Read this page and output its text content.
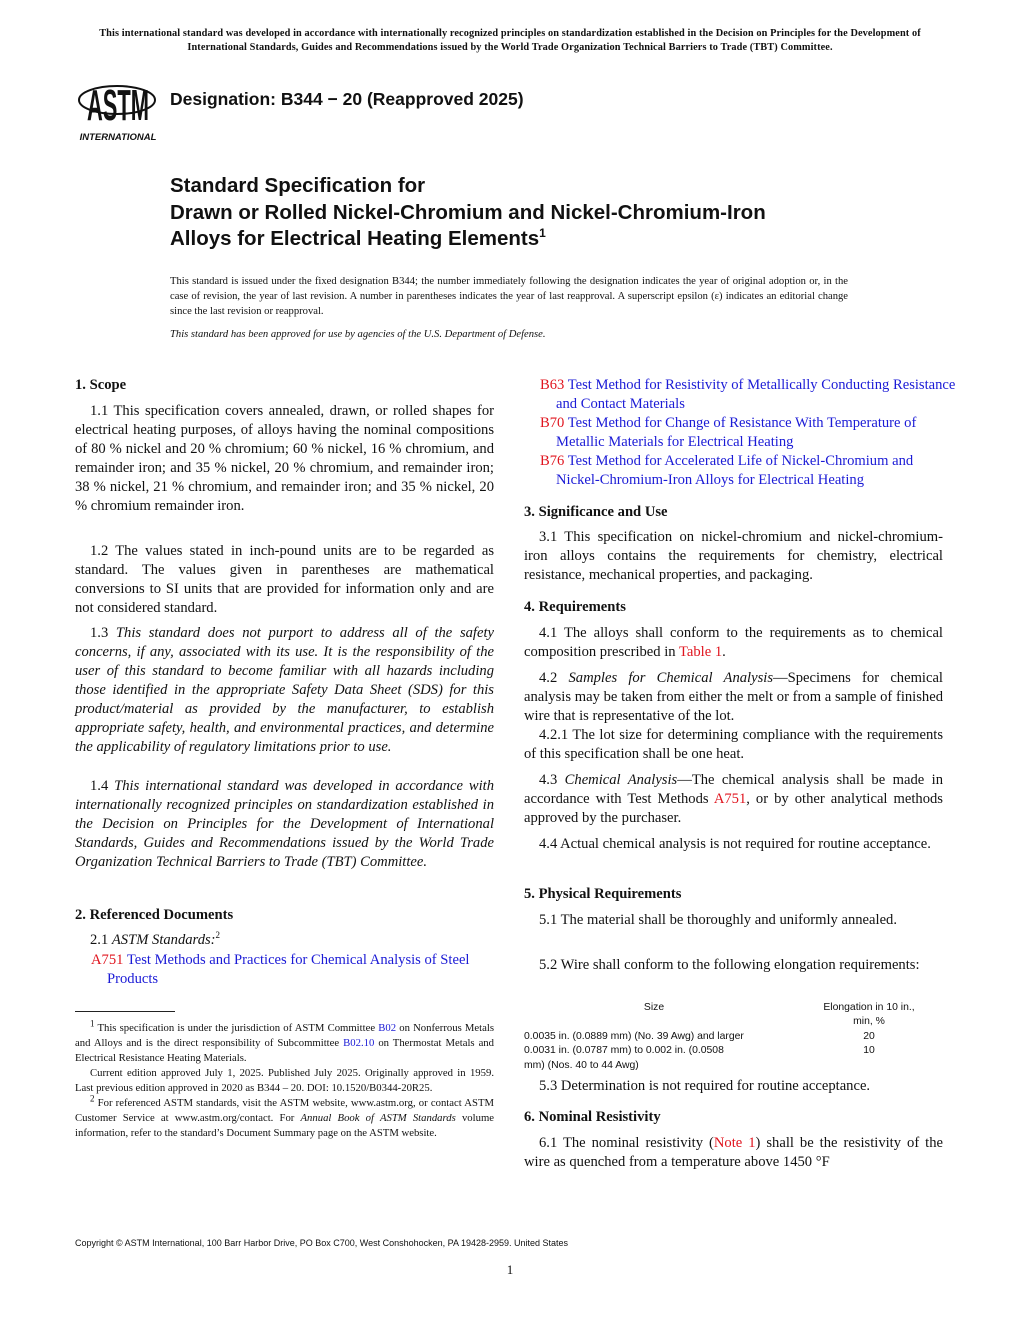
This international standard was developed in accordance with internationally recognized principles on standardization established in the Decision on Principles for the Development of International Standards, Guides and Recommendations issued by the World Trade Organization Technical Barriers to Trade (TBT) Committee.
ASTM
INTERNATIONAL
Designation: B344 − 20 (Reapproved 2025)
Standard Specification for
Drawn or Rolled Nickel-Chromium and Nickel-Chromium-Iron Alloys for Electrical Heating Elements$^1$
This standard is issued under the fixed designation B344; the number immediately following the designation indicates the year of original adoption or, in the case of revision, the year of last revision. A number in parentheses indicates the year of last reapproval. A superscript epsilon (ε) indicates an editorial change since the last revision or reapproval.
This standard has been approved for use by agencies of the U.S. Department of Defense.
1. Scope
1.1 This specification covers annealed, drawn, or rolled shapes for electrical heating purposes, of alloys having the nominal compositions of 80 % nickel and 20 % chromium; 60 % nickel, 16 % chromium, and remainder iron; and 35 % nickel, 20 % chromium, and remainder iron; 38 % nickel, 21 % chromium, and remainder iron; and 35 % nickel, 20 % chromium remainder iron.
1.2 The values stated in inch-pound units are to be regarded as standard. The values given in parentheses are mathematical conversions to SI units that are provided for information only and are not considered standard.
1.3 This standard does not purport to address all of the safety concerns, if any, associated with its use. It is the responsibility of the user of this standard to become familiar with all hazards including those identified in the appropriate Safety Data Sheet (SDS) for this product/material as provided by the manufacturer, to establish appropriate safety, health, and environmental practices, and determine the applicability of regulatory limitations prior to use.
1.4 This international standard was developed in accordance with internationally recognized principles on standardization established in the Decision on Principles for the Development of International Standards, Guides and Recommendations issued by the World Trade Organization Technical Barriers to Trade (TBT) Committee.
2. Referenced Documents
2.1 ASTM Standards:$^2$
A751 Test Methods and Practices for Chemical Analysis of Steel Products
$^1$ This specification is under the jurisdiction of ASTM Committee B02 on Nonferrous Metals and Alloys and is the direct responsibility of Subcommittee B02.10 on Thermostat Metals and Electrical Resistance Heating Materials.
Current edition approved July 1, 2025. Published July 2025. Originally approved in 1959. Last previous edition approved in 2020 as B344 – 20. DOI: 10.1520/B0344-20R25.
$^2$ For referenced ASTM standards, visit the ASTM website, www.astm.org, or contact ASTM Customer Service at www.astm.org/contact. For Annual Book of ASTM Standards volume information, refer to the standard’s Document Summary page on the ASTM website.
B63 Test Method for Resistivity of Metallically Conducting Resistance and Contact Materials
B70 Test Method for Change of Resistance With Temperature of Metallic Materials for Electrical Heating
B76 Test Method for Accelerated Life of Nickel-Chromium and Nickel-Chromium-Iron Alloys for Electrical Heating
3. Significance and Use
3.1 This specification on nickel-chromium and nickel-chromium-iron alloys contains the requirements for chemistry, electrical resistance, mechanical properties, and packaging.
4. Requirements
4.1 The alloys shall conform to the requirements as to chemical composition prescribed in Table 1.
4.2 Samples for Chemical Analysis—Specimens for chemical analysis may be taken from either the melt or from a sample of finished wire that is representative of the lot.
4.2.1 The lot size for determining compliance with the requirements of this specification shall be one heat.
4.3 Chemical Analysis—The chemical analysis shall be made in accordance with Test Methods A751, or by other analytical methods approved by the purchaser.
4.4 Actual chemical analysis is not required for routine acceptance.
5. Physical Requirements
5.1 The material shall be thoroughly and uniformly annealed.
5.2 Wire shall conform to the following elongation requirements:
Size	Elongation in 10 in., min, %

0.0035 in. (0.0889 mm) (No. 39 Awg) and larger	20
0.0031 in. (0.0787 mm) to 0.002 in. (0.0508 mm) (Nos. 40 to 44 Awg)	10
5.3 Determination is not required for routine acceptance.
6. Nominal Resistivity
6.1 The nominal resistivity (Note 1) shall be the resistivity of the wire as quenched from a temperature above 1450 °F
Copyright © ASTM International, 100 Barr Harbor Drive, PO Box C700, West Conshohocken, PA 19428-2959. United States
1
